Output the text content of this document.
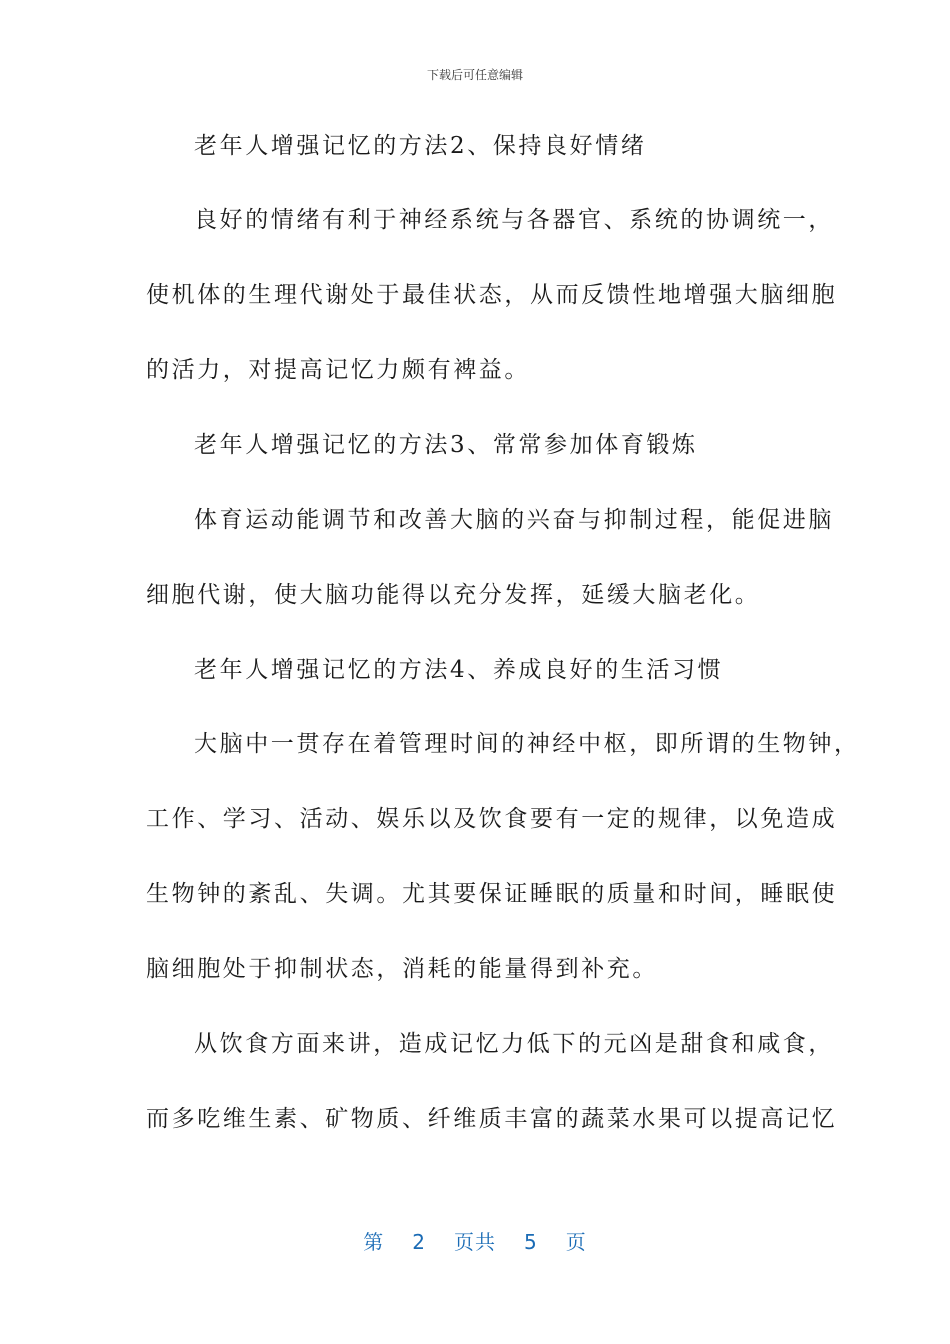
下载后可任意编辑
老年人增强记忆的方法2、保持良好情绪
良好的情绪有利于神经系统与各器官、系统的协调统一，
使机体的生理代谢处于最佳状态，从而反馈性地增强大脑细胞
的活力，对提高记忆力颇有裨益。
老年人增强记忆的方法3、常常参加体育锻炼
体育运动能调节和改善大脑的兴奋与抑制过程，能促进脑
细胞代谢，使大脑功能得以充分发挥，延缓大脑老化。
老年人增强记忆的方法4、养成良好的生活习惯
大脑中一贯存在着管理时间的神经中枢，即所谓的生物钟，
工作、学习、活动、娱乐以及饮食要有一定的规律，以免造成
生物钟的紊乱、失调。尤其要保证睡眠的质量和时间，睡眠使
脑细胞处于抑制状态，消耗的能量得到补充。
从饮食方面来讲，造成记忆力低下的元凶是甜食和咸食，
而多吃维生素、矿物质、纤维质丰富的蔬菜水果可以提高记忆
第 2 页共 5 页
